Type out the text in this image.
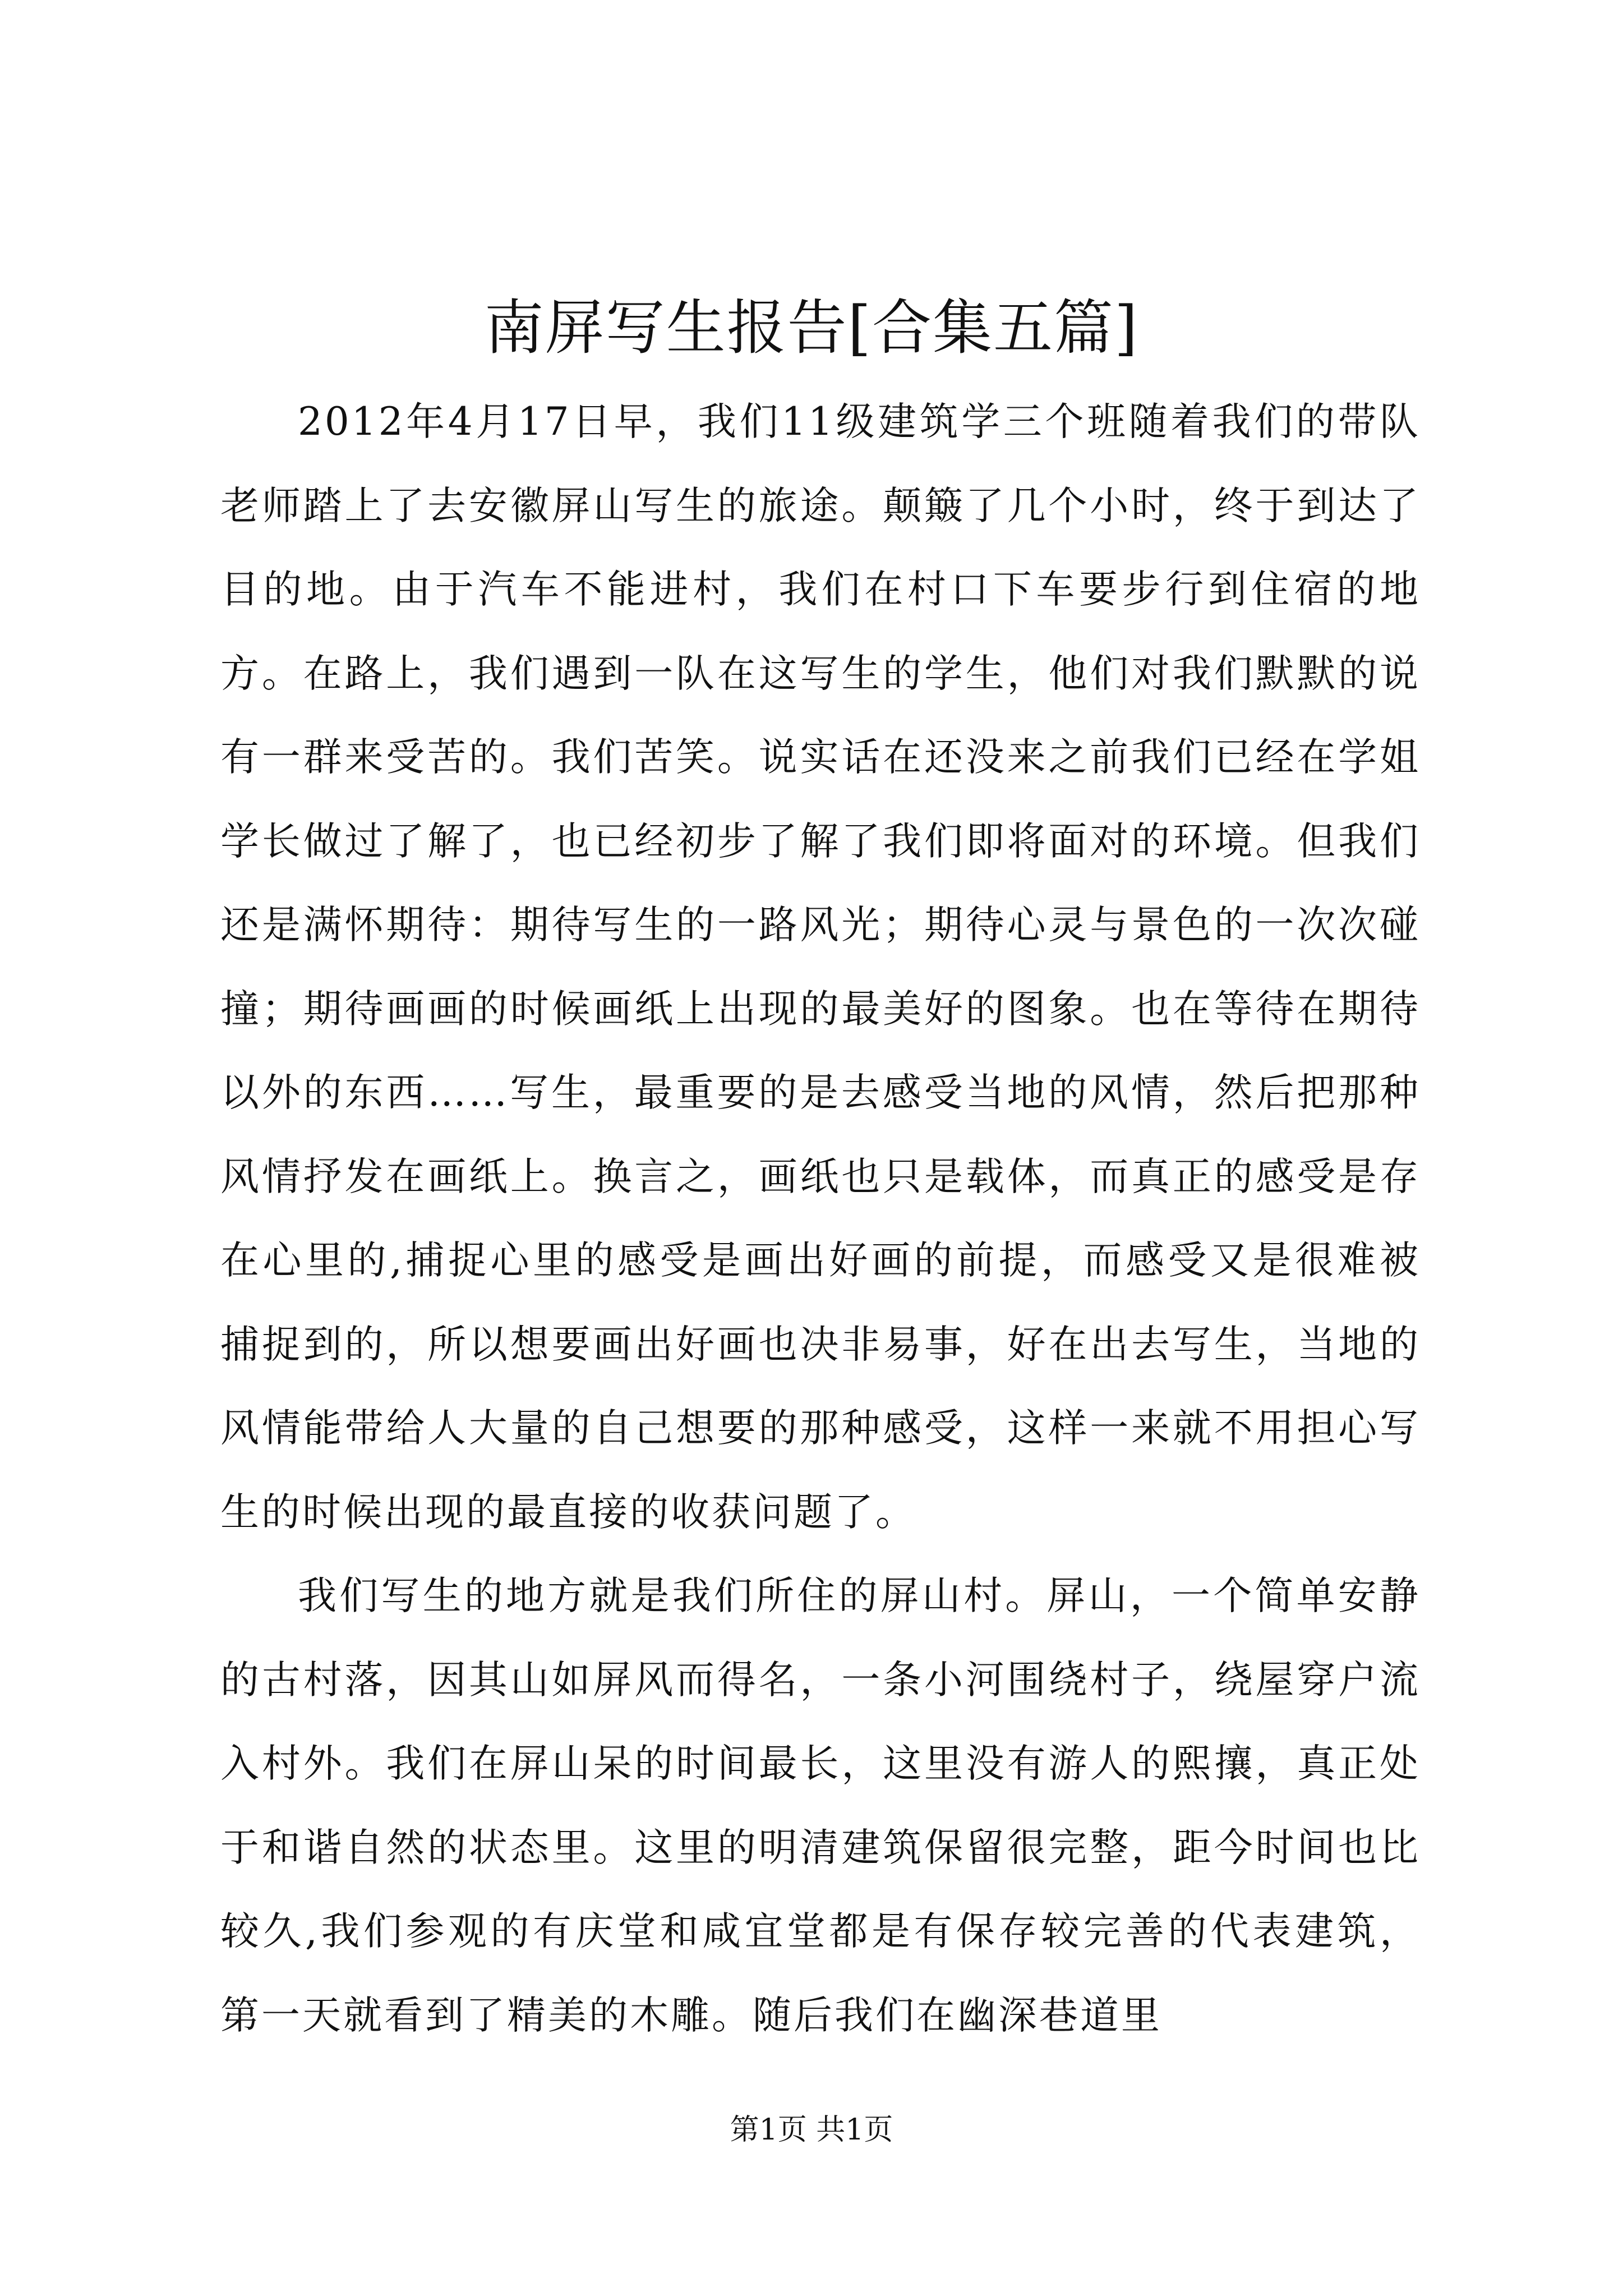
南屏写生报告[合集五篇]

2012年4月17日早，我们11级建筑学三个班随着我们的带队老师踏上了去安徽屏山写生的旅途。颠簸了几个小时，终于到达了目的地。由于汽车不能进村，我们在村口下车要步行到住宿的地方。在路上，我们遇到一队在这写生的学生，他们对我们默默的说有一群来受苦的。我们苦笑。说实话在还没来之前我们已经在学姐学长做过了解了，也已经初步了解了我们即将面对的环境。但我们还是满怀期待：期待写生的一路风光；期待心灵与景色的一次次碰撞；期待画画的时候画纸上出现的最美好的图象。也在等待在期待以外的东西……写生，最重要的是去感受当地的风情，然后把那种风情抒发在画纸上。换言之，画纸也只是载体，而真正的感受是存在心里的,捕捉心里的感受是画出好画的前提，而感受又是很难被捕捉到的，所以想要画出好画也决非易事，好在出去写生，当地的风情能带给人大量的自己想要的那种感受，这样一来就不用担心写生的时候出现的最直接的收获问题了。

我们写生的地方就是我们所住的屏山村。屏山，一个简单安静的古村落，因其山如屏风而得名，一条小河围绕村子，绕屋穿户流入村外。我们在屏山呆的时间最长，这里没有游人的熙攘，真正处于和谐自然的状态里。这里的明清建筑保留很完整，距今时间也比较久,我们参观的有庆堂和咸宜堂都是有保存较完善的代表建筑，第一天就看到了精美的木雕。随后我们在幽深巷道里

第1页 共1页
